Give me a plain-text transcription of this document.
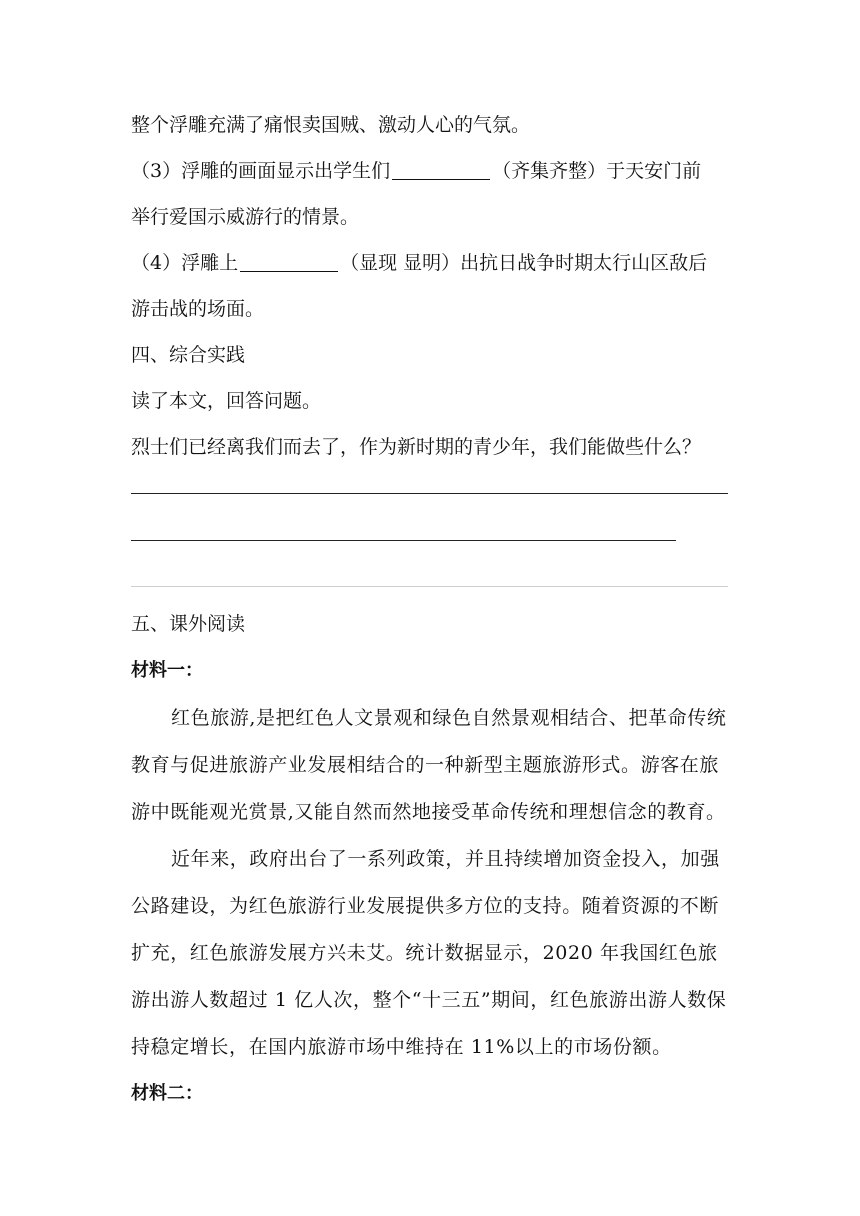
整个浮雕充满了痛恨卖国贼、激动人心的气氛。
（3）浮雕的画面显示出学生们	（齐集齐整）于天安门前
举行爱国示威游行的情景。
（4）浮雕上	（显现 显明）出抗日战争时期太行山区敌后
游击战的场面。
四、综合实践
读了本文，回答问题。
烈士们已经离我们而去了，作为新时期的青少年，我们能做些什么？
五、课外阅读
材料一：
红色旅游,是把红色人文景观和绿色自然景观相结合、把革命传统
教育与促进旅游产业发展相结合的一种新型主题旅游形式。游客在旅
游中既能观光赏景,又能自然而然地接受革命传统和理想信念的教育。
近年来，政府出台了一系列政策，并且持续增加资金投入，加强
公路建设，为红色旅游行业发展提供多方位的支持。随着资源的不断
扩充，红色旅游发展方兴未艾。统计数据显示，2020 年我国红色旅
游出游人数超过 1 亿人次，整个“十三五”期间，红色旅游出游人数保
持稳定增长，在国内旅游市场中维持在 11%以上的市场份额。
材料二：
